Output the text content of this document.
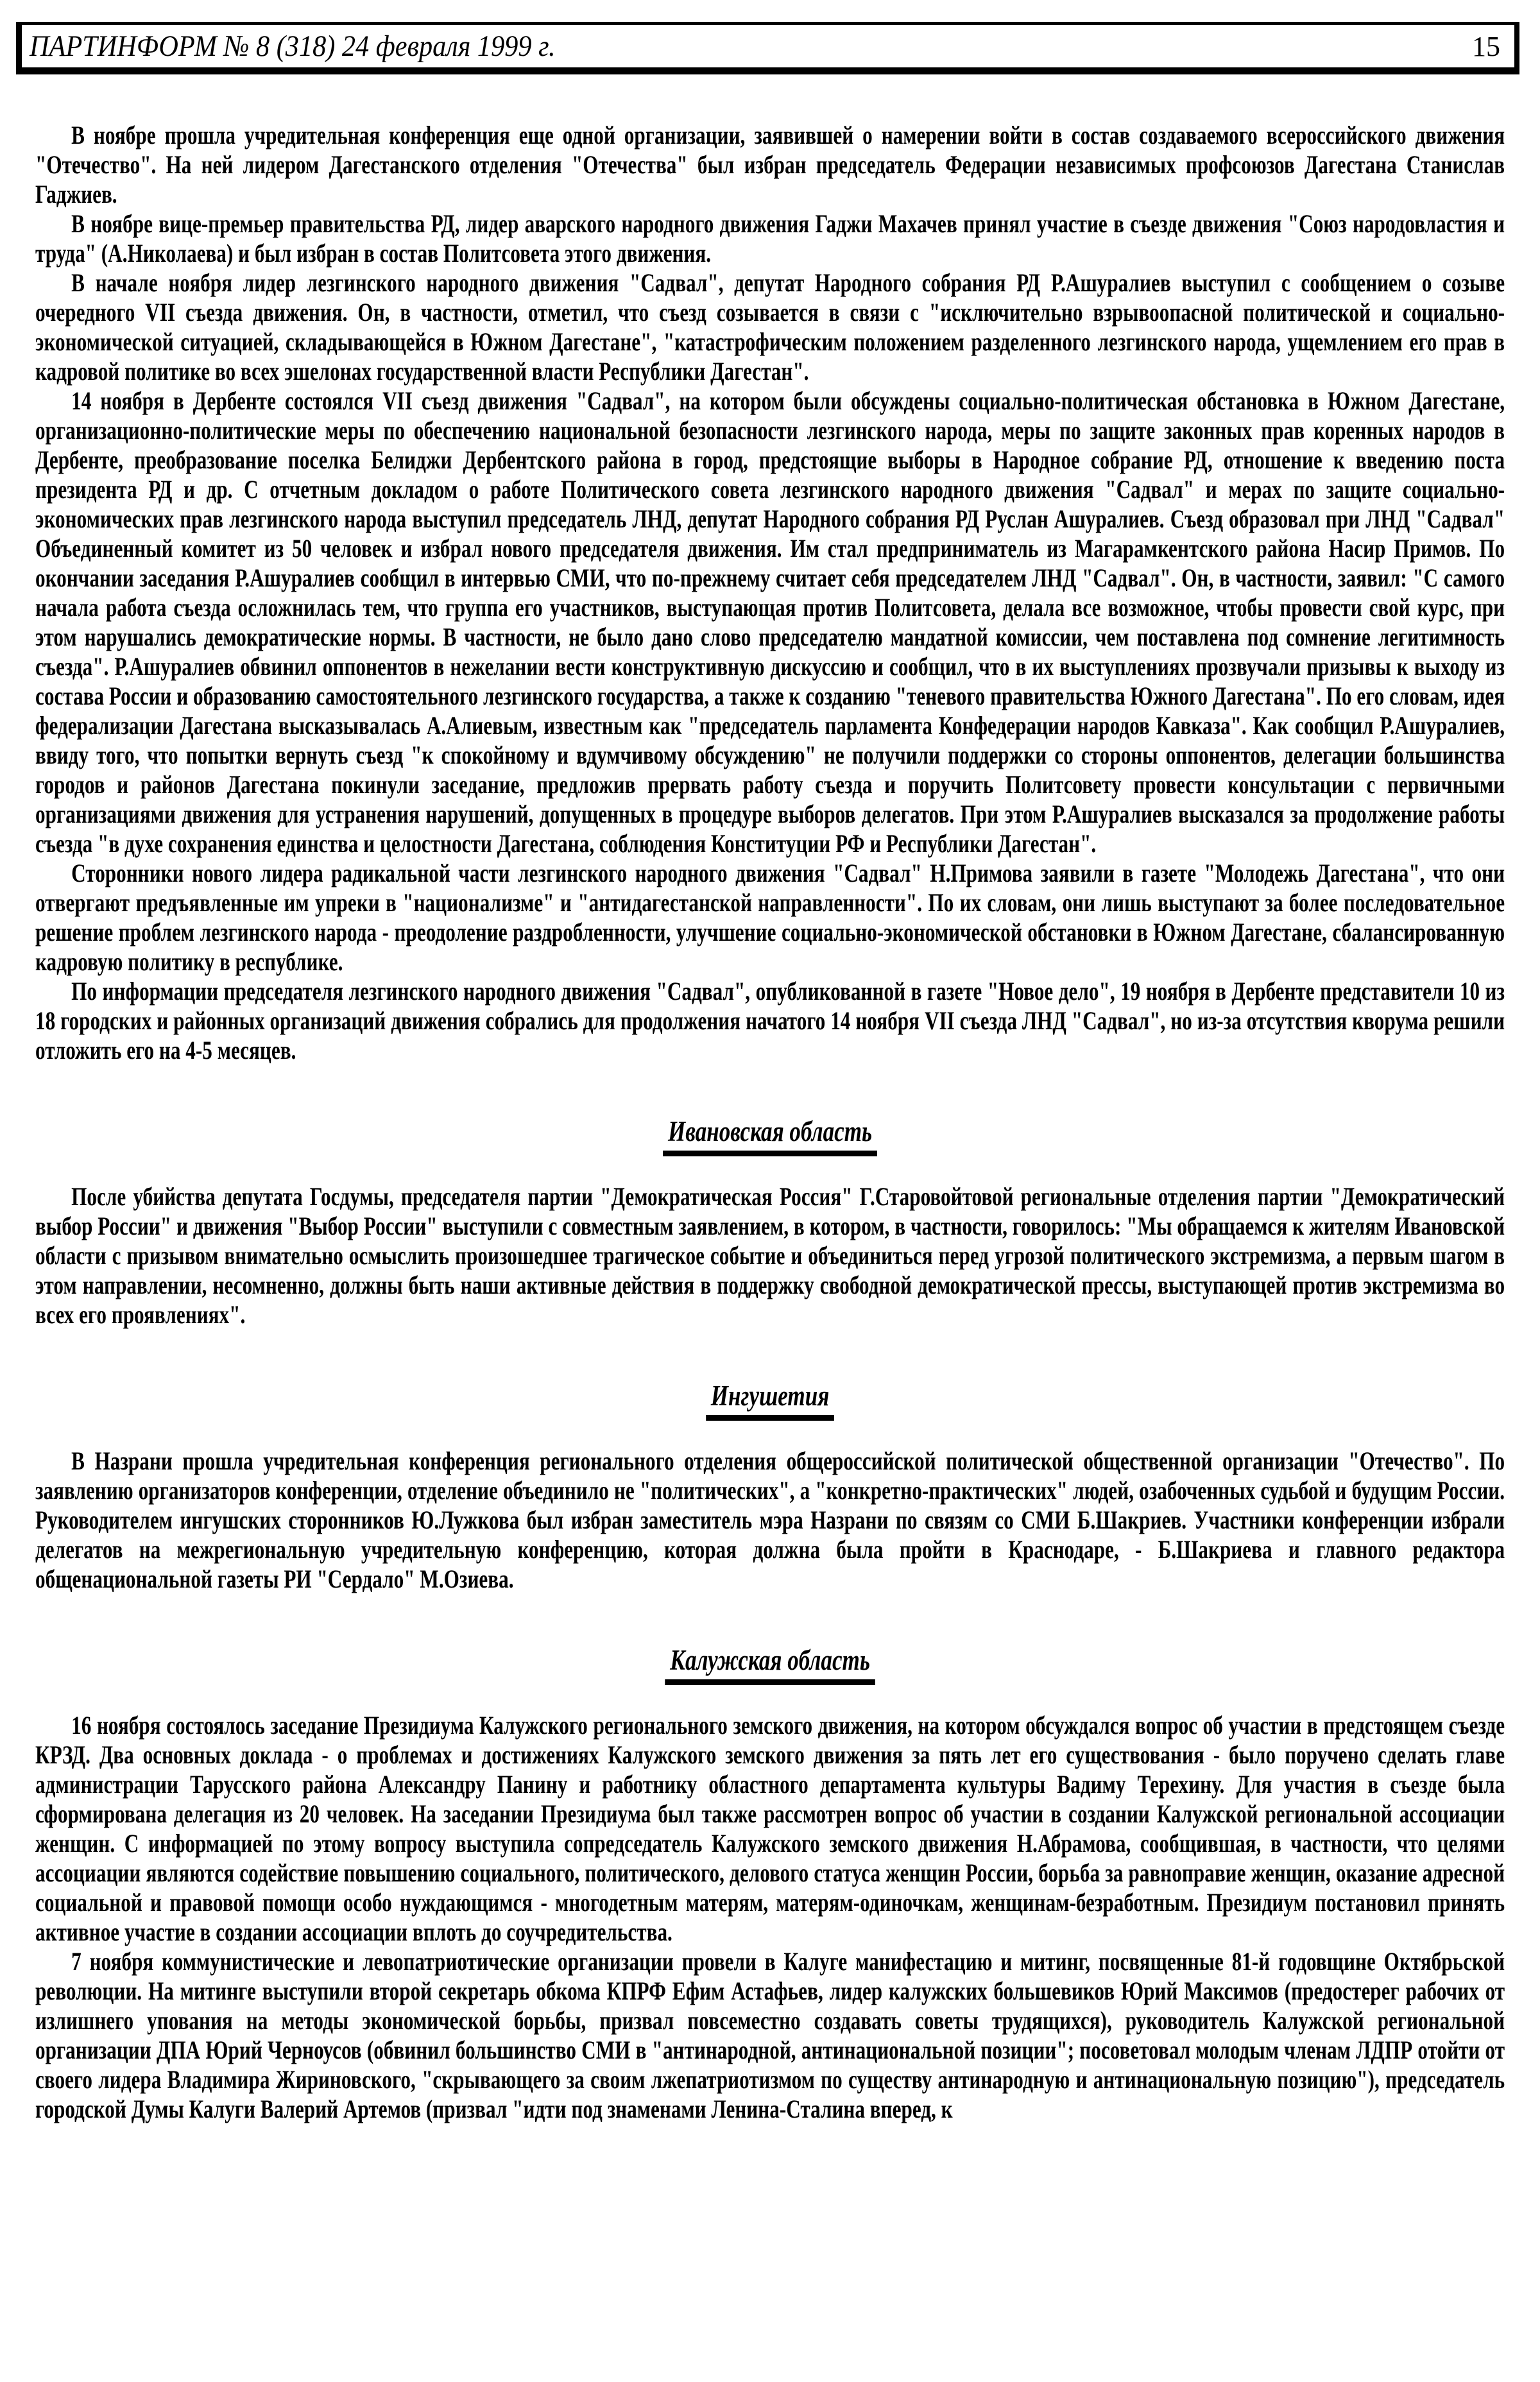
ПАРТИНФОРМ № 8 (318) 24 февраля 1999 г.	15

В ноябре прошла учредительная конференция еще одной организации, заявившей о намерении войти в состав создаваемого всероссийского движения "Отечество". На ней лидером Дагестанского отделения "Отечества" был избран председатель Федерации независимых профсоюзов Дагестана Станислав Гаджиев.

В ноябре вице-премьер правительства РД, лидер аварского народного движения Гаджи Махачев принял участие в съезде движения "Союз народовластия и труда" (А.Николаева) и был избран в состав Политсовета этого движения.

В начале ноября лидер лезгинского народного движения "Садвал", депутат Народного собрания РД Р.Ашуралиев выступил с сообщением о созыве очередного VII съезда движения. Он, в частности, отметил, что съезд созывается в связи с "исключительно взрывоопасной политической и социально-экономической ситуацией, складывающейся в Южном Дагестане", "катастрофическим положением разделенного лезгинского народа, ущемлением его прав в кадровой политике во всех эшелонах государственной власти Республики Дагестан".

14 ноября в Дербенте состоялся VII съезд движения "Садвал", на котором были обсуждены социально-политическая обстановка в Южном Дагестане, организационно-политические меры по обеспечению национальной безопасности лезгинского народа, меры по защите законных прав коренных народов в Дербенте, преобразование поселка Белиджи Дербентского района в город, предстоящие выборы в Народное собрание РД, отношение к введению поста президента РД и др. С отчетным докладом о работе Политического совета лезгинского народного движения "Садвал" и мерах по защите социально-экономических прав лезгинского народа выступил председатель ЛНД, депутат Народного собрания РД Руслан Ашуралиев. Съезд образовал при ЛНД "Садвал" Объединенный комитет из 50 человек и избрал нового председателя движения. Им стал предприниматель из Магарамкентского района Насир Примов. По окончании заседания Р.Ашуралиев сообщил в интервью СМИ, что по-прежнему считает себя председателем ЛНД "Садвал". Он, в частности, заявил: "С самого начала работа съезда осложнилась тем, что группа его участников, выступающая против Политсовета, делала все возможное, чтобы провести свой курс, при этом нарушались демократические нормы. В частности, не было дано слово председателю мандатной комиссии, чем поставлена под сомнение легитимность съезда". Р.Ашуралиев обвинил оппонентов в нежелании вести конструктивную дискуссию и сообщил, что в их выступлениях прозвучали призывы к выходу из состава России и образованию самостоятельного лезгинского государства, а также к созданию "теневого правительства Южного Дагестана". По его словам, идея федерализации Дагестана высказывалась А.Алиевым, известным как "председатель парламента Конфедерации народов Кавказа". Как сообщил Р.Ашуралиев, ввиду того, что попытки вернуть съезд "к спокойному и вдумчивому обсуждению" не получили поддержки со стороны оппонентов, делегации большинства городов и районов Дагестана покинули заседание, предложив прервать работу съезда и поручить Политсовету провести консультации с первичными организациями движения для устранения нарушений, допущенных в процедуре выборов делегатов. При этом Р.Ашуралиев высказался за продолжение работы съезда "в духе сохранения единства и целостности Дагестана, соблюдения Конституции РФ и Республики Дагестан".

Сторонники нового лидера радикальной части лезгинского народного движения "Садвал" Н.Примова заявили в газете "Молодежь Дагестана", что они отвергают предъявленные им упреки в "национализме" и "антидагестанской направленности". По их словам, они лишь выступают за более последовательное решение проблем лезгинского народа - преодоление раздробленности, улучшение социально-экономической обстановки в Южном Дагестане, сбалансированную кадровую политику в республике.

По информации председателя лезгинского народного движения "Садвал", опубликованной в газете "Новое дело", 19 ноября в Дербенте представители 10 из 18 городских и районных организаций движения собрались для продолжения начатого 14 ноября VII съезда ЛНД "Садвал", но из-за отсутствия кворума решили отложить его на 4-5 месяцев.

Ивановская область

После убийства депутата Госдумы, председателя партии "Демократическая Россия" Г.Старовойтовой региональные отделения партии "Демократический выбор России" и движения "Выбор России" выступили с совместным заявлением, в котором, в частности, говорилось: "Мы обращаемся к жителям Ивановской области с призывом внимательно осмыслить произошедшее трагическое событие и объединиться перед угрозой политического экстремизма, а первым шагом в этом направлении, несомненно, должны быть наши активные действия в поддержку свободной демократической прессы, выступающей против экстремизма во всех его проявлениях".

Ингушетия

В Назрани прошла учредительная конференция регионального отделения общероссийской политической общественной организации "Отечество". По заявлению организаторов конференции, отделение объединило не "политических", а "конкретно-практических" людей, озабоченных судьбой и будущим России. Руководителем ингушских сторонников Ю.Лужкова был избран заместитель мэра Назрани по связям со СМИ Б.Шакриев. Участники конференции избрали делегатов на межрегиональную учредительную конференцию, которая должна была пройти в Краснодаре, - Б.Шакриева и главного редактора общенациональной газеты РИ "Сердало" М.Озиева.

Калужская область

16 ноября состоялось заседание Президиума Калужского регионального земского движения, на котором обсуждался вопрос об участии в предстоящем съезде КРЗД. Два основных доклада - о проблемах и достижениях Калужского земского движения за пять лет его существования - было поручено сделать главе администрации Тарусского района Александру Панину и работнику областного департамента культуры Вадиму Терехину. Для участия в съезде была сформирована делегация из 20 человек. На заседании Президиума был также рассмотрен вопрос об участии в создании Калужской региональной ассоциации женщин. С информацией по этому вопросу выступила сопредседатель Калужского земского движения Н.Абрамова, сообщившая, в частности, что целями ассоциации являются содействие повышению социального, политического, делового статуса женщин России, борьба за равноправие женщин, оказание адресной социальной и правовой помощи особо нуждающимся - многодетным матерям, матерям-одиночкам, женщинам-безработным. Президиум постановил принять активное участие в создании ассоциации вплоть до соучредительства.

7 ноября коммунистические и левопатриотические организации провели в Калуге манифестацию и митинг, посвященные 81-й годовщине Октябрьской революции. На митинге выступили второй секретарь обкома КПРФ Ефим Астафьев, лидер калужских большевиков Юрий Максимов (предостерег рабочих от излишнего упования на методы экономической борьбы, призвал повсеместно создавать советы трудящихся), руководитель Калужской региональной организации ДПА Юрий Черноусов (обвинил большинство СМИ в "антинародной, антинациональной позиции"; посоветовал молодым членам ЛДПР отойти от своего лидера Владимира Жириновского, "скрывающего за своим лжепатриотизмом по существу антинародную и антинациональную позицию"), председатель городской Думы Калуги Валерий Артемов (призвал "идти под знаменами Ленина-Сталина вперед, к
